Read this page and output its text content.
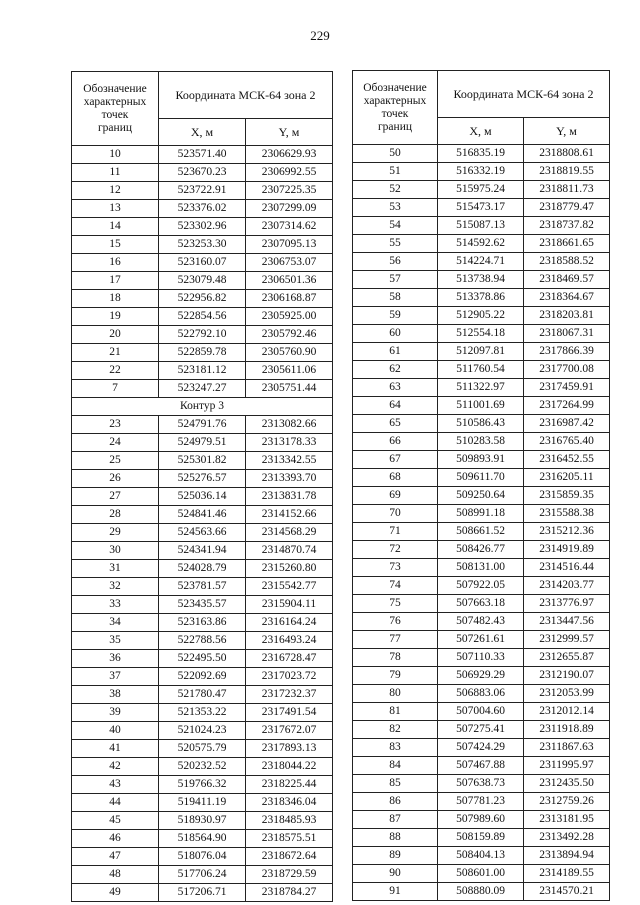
229
Обозначение
характерных
точек
границ	Координата МСК-64 зона 2	
	X, м	Y, м
10	523571.40	2306629.93
11	523670.23	2306992.55
12	523722.91	2307225.35
13	523376.02	2307299.09
14	523302.96	2307314.62
15	523253.30	2307095.13
16	523160.07	2306753.07
17	523079.48	2306501.36
18	522956.82	2306168.87
19	522854.56	2305925.00
20	522792.10	2305792.46
21	522859.78	2305760.90
22	523181.12	2305611.06
7	523247.27	2305751.44
Контур 3		
23	524791.76	2313082.66
24	524979.51	2313178.33
25	525301.82	2313342.55
26	525276.57	2313393.70
27	525036.14	2313831.78
28	524841.46	2314152.66
29	524563.66	2314568.29
30	524341.94	2314870.74
31	524028.79	2315260.80
32	523781.57	2315542.77
33	523435.57	2315904.11
34	523163.86	2316164.24
35	522788.56	2316493.24
36	522495.50	2316728.47
37	522092.69	2317023.72
38	521780.47	2317232.37
39	521353.22	2317491.54
40	521024.23	2317672.07
41	520575.79	2317893.13
42	520232.52	2318044.22
43	519766.32	2318225.44
44	519411.19	2318346.04
45	518930.97	2318485.93
46	518564.90	2318575.51
47	518076.04	2318672.64
48	517706.24	2318729.59
49	517206.71	2318784.27
Обозначение
характерных
точек
границ	Координата МСК-64 зона 2	
	X, м	Y, м
50	516835.19	2318808.61
51	516332.19	2318819.55
52	515975.24	2318811.73
53	515473.17	2318779.47
54	515087.13	2318737.82
55	514592.62	2318661.65
56	514224.71	2318588.52
57	513738.94	2318469.57
58	513378.86	2318364.67
59	512905.22	2318203.81
60	512554.18	2318067.31
61	512097.81	2317866.39
62	511760.54	2317700.08
63	511322.97	2317459.91
64	511001.69	2317264.99
65	510586.43	2316987.42
66	510283.58	2316765.40
67	509893.91	2316452.55
68	509611.70	2316205.11
69	509250.64	2315859.35
70	508991.18	2315588.38
71	508661.52	2315212.36
72	508426.77	2314919.89
73	508131.00	2314516.44
74	507922.05	2314203.77
75	507663.18	2313776.97
76	507482.43	2313447.56
77	507261.61	2312999.57
78	507110.33	2312655.87
79	506929.29	2312190.07
80	506883.06	2312053.99
81	507004.60	2312012.14
82	507275.41	2311918.89
83	507424.29	2311867.63
84	507467.88	2311995.97
85	507638.73	2312435.50
86	507781.23	2312759.26
87	507989.60	2313181.95
88	508159.89	2313492.28
89	508404.13	2313894.94
90	508601.00	2314189.55
91	508880.09	2314570.21
